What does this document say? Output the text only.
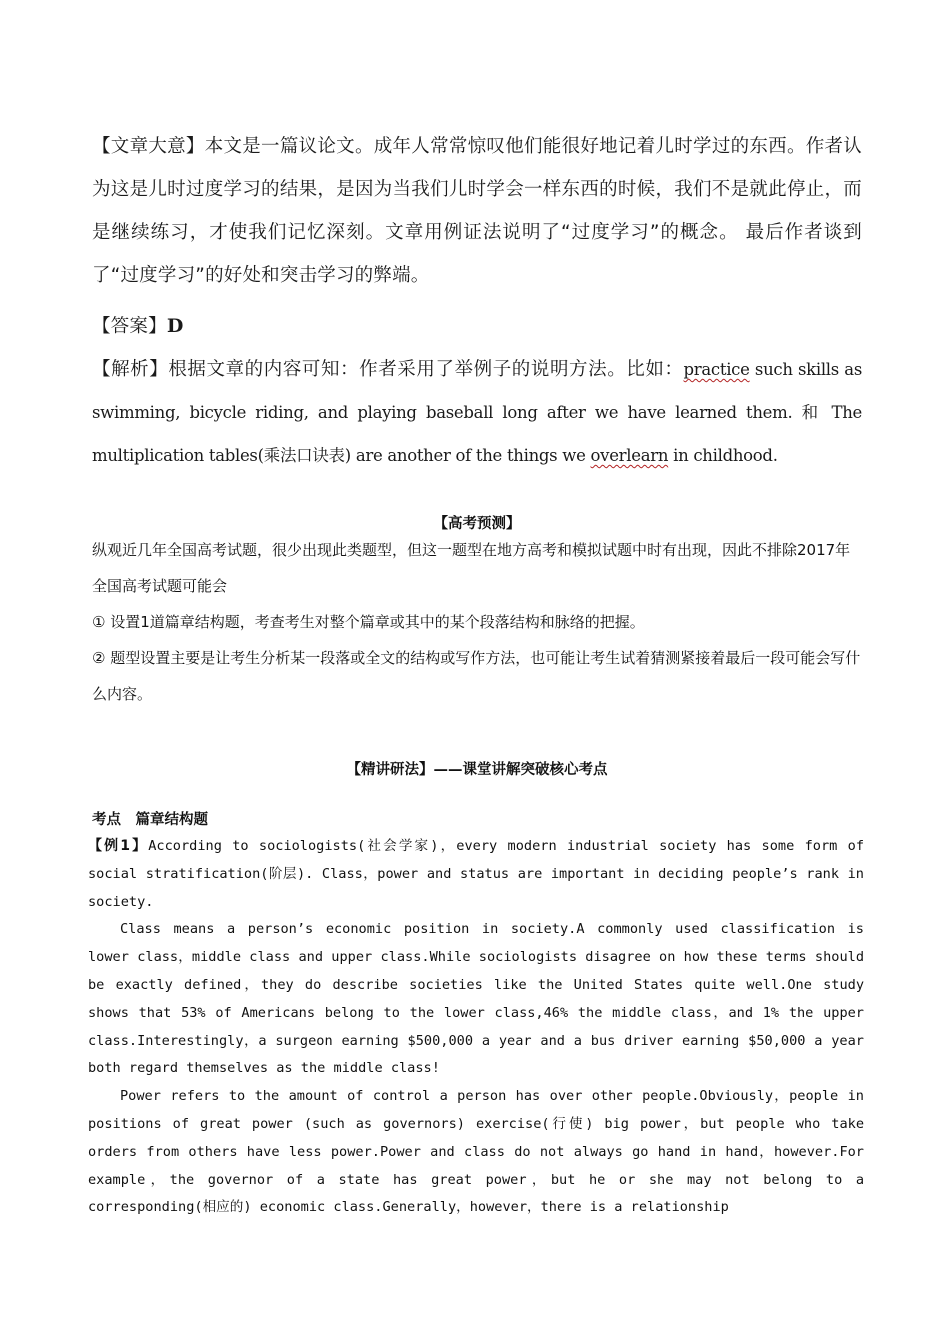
【文章大意】本文是一篇议论文。成年人常常惊叹他们能很好地记着儿时学过的东西。作者认为这是儿时过度学习的结果，是因为当我们儿时学会一样东西的时候，我们不是就此停止，而是继续练习，才使我们记忆深刻。文章用例证法说明了“过度学习”的概念。 最后作者谈到了“过度学习”的好处和突击学习的弊端。
【答案】D
【解析】根据文章的内容可知：作者采用了举例子的说明方法。比如：practice such skills as swimming, bicycle riding, and playing baseball long after we have learned them. 和 The multiplication tables(乘法口诀表) are another of the things we overlearn in childhood.
【高考预测】
纵观近几年全国高考试题，很少出现此类题型，但这一题型在地方高考和模拟试题中时有出现，因此不排除2017年全国高考试题可能会
① 设置1道篇章结构题，考查考生对整个篇章或其中的某个段落结构和脉络的把握。
② 题型设置主要是让考生分析某一段落或全文的结构或写作方法，也可能让考生试着猜测紧接着最后一段可能会写什么内容。
【精讲研法】——课堂讲解突破核心考点
考点　篇章结构题

【例1】According to sociologists(社会学家)，every modern industrial society has some form of social stratification(阶层). Class，power and status are important in deciding people’s rank in society.

Class means a person’s economic position in society.A commonly used classification is lower class，middle class and upper class.While sociologists disagree on how these terms should be exactly defined，they do describe societies like the United States quite well.One study shows that 53% of Americans belong to the lower class,46% the middle class，and 1% the upper class.Interestingly，a surgeon earning $500,000 a year and a bus driver earning $50,000 a year both regard themselves as the middle class!

Power refers to the amount of control a person has over other people.Obviously，people in positions of great power (such as governors) exercise(行使) big power，but people who take orders from others have less power.Power and class do not always go hand in hand，however.For example，the governor of a state has great power，but he or she may not belong to a corresponding(相应的) economic class.Generally，however，there is a relationship
